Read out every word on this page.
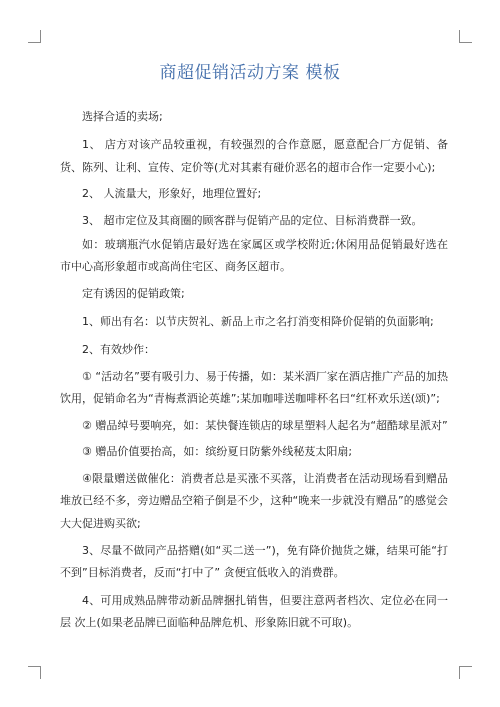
商超促销活动方案 模板

选择合适的卖场;

1、 店方对该产品较重视，有较强烈的合作意愿，愿意配合厂方促销、备货、陈列、让利、宣传、定价等(尤对其素有碰价恶名的超市合作一定要小心);

2、 人流量大，形象好，地理位置好;

3、 超市定位及其商圈的顾客群与促销产品的定位、目标消费群一致。

如：玻璃瓶汽水促销店最好选在家属区或学校附近;休闲用品促销最好选在市中心高形象超市或高尚住宅区、商务区超市。

定有诱因的促销政策;

1、师出有名：以节庆贺礼、新品上市之名打消变相降价促销的负面影响;

2、有效炒作：

① “活动名”要有吸引力、易于传播，如：某米酒厂家在酒店推广产品的加热饮用，促销命名为“青梅煮酒论英雄”;某加咖啡送咖啡杯名曰“红杯欢乐送(颂)”;

② 赠品绰号要响亮，如：某快餐连锁店的球星塑料人起名为“超酷球星派对”

③ 赠品价值要抬高，如：缤纷夏日防紫外线秘芨太阳扇;

④限量赠送做催化：消费者总是买涨不买落，让消费者在活动现场看到赠品堆放已经不多，旁边赠品空箱子倒是不少，这种“晚来一步就没有赠品”的感觉会大大促进购买欲;

3、尽量不做同产品搭赠(如“买二送一”)，免有降价抛货之嫌，结果可能“打不到”目标消费者，反而“打中了” 贪便宜低收入的消费群。

4、可用成熟品牌带动新品牌捆扎销售，但要注意两者档次、定位必在同一层 次上(如果老品牌已面临种品牌危机、形象陈旧就不可取)。
